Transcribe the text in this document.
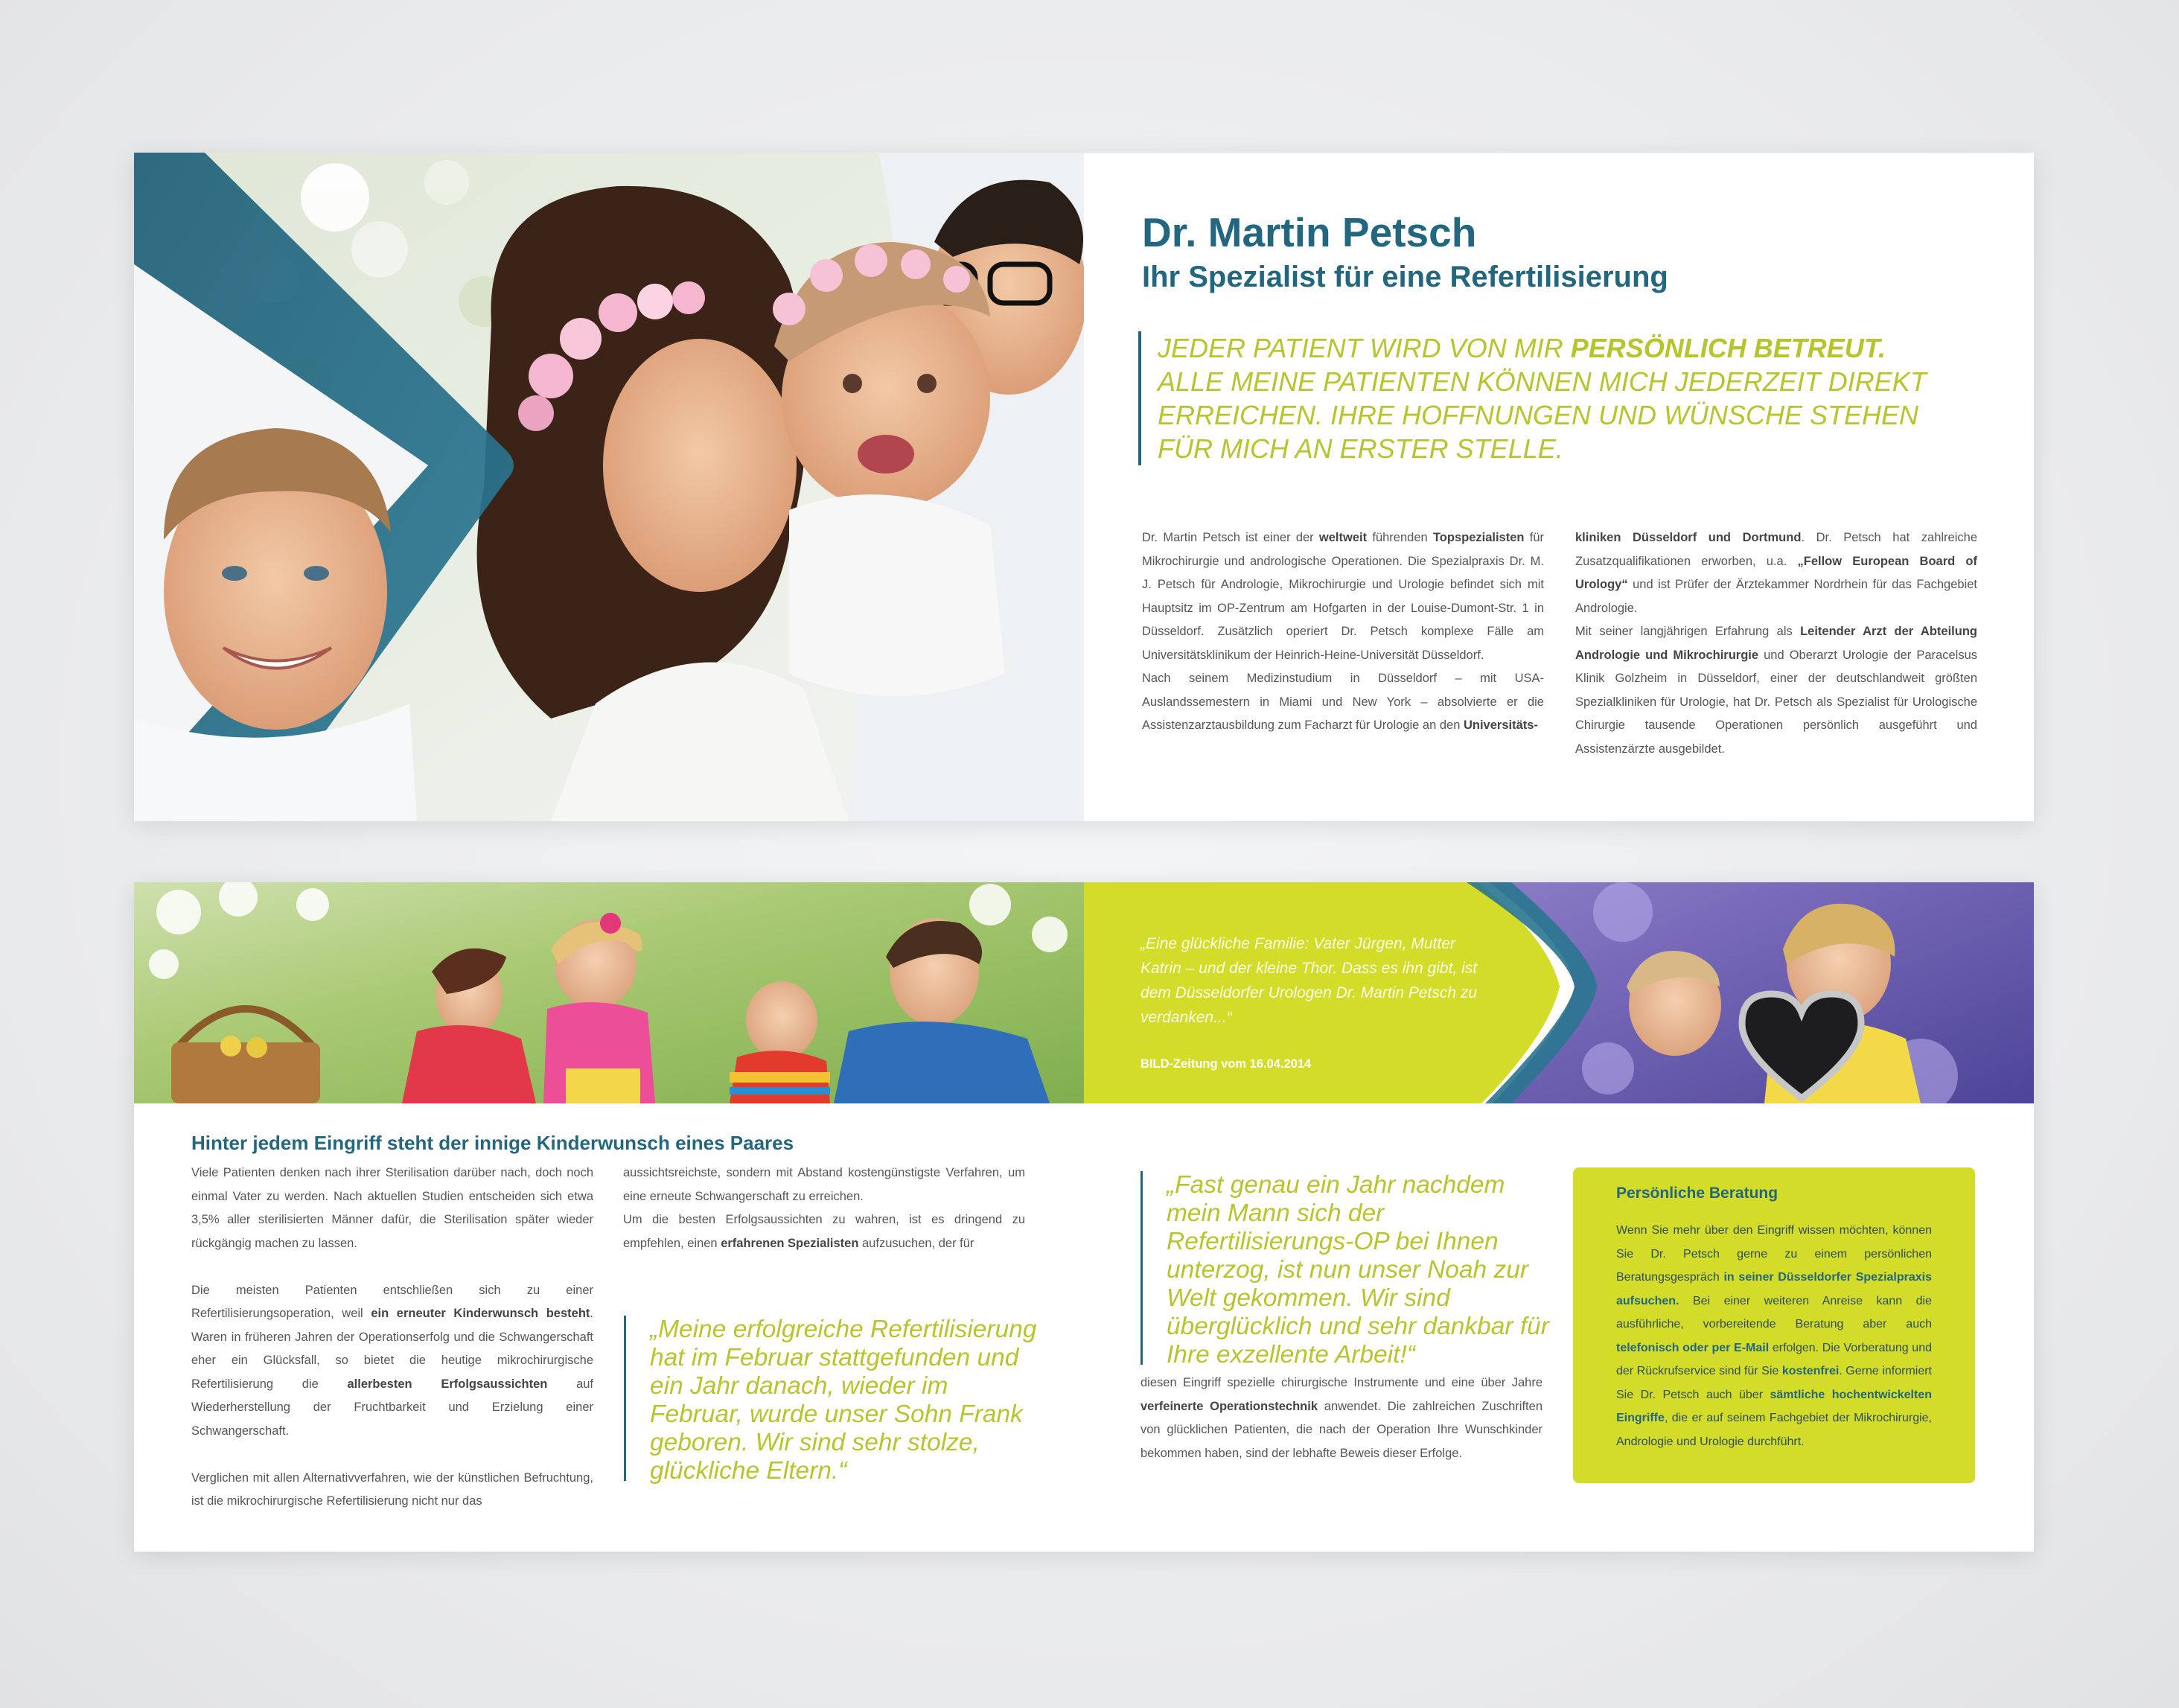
Dr. Martin Petsch
Ihr Spezialist für eine Refertilisierung
JEDER PATIENT WIRD VON MIR PERSÖNLICH BETREUT. ALLE MEINE PATIENTEN KÖNNEN MICH JEDERZEIT DIREKT ERREICHEN. IHRE HOFFNUNGEN UND WÜNSCHE STEHEN FÜR MICH AN ERSTER STELLE.

Dr. Martin Petsch ist einer der weltweit führenden Topspezialisten für Mikrochirurgie und andrologische Operationen. Die Spezialpraxis Dr. M. J. Petsch für Andrologie, Mikrochirurgie und Urologie befindet sich mit Hauptsitz im OP-Zentrum am Hofgarten in der Louise-Dumont-Str. 1 in Düsseldorf. Zusätzlich operiert Dr. Petsch komplexe Fälle am Universitätsklinikum der Heinrich-Heine-Universität Düsseldorf.

Nach seinem Medizinstudium in Düsseldorf – mit USA-Auslandssemestern in Miami und New York – absolvierte er die Assistenzarztausbildung zum Facharzt für Urologie an den Universitäts-

kliniken Düsseldorf und Dortmund. Dr. Petsch hat zahlreiche Zusatzqualifikationen erworben, u.a. „Fellow European Board of Urology“ und ist Prüfer der Ärztekammer Nordrhein für das Fachgebiet Andrologie.

Mit seiner langjährigen Erfahrung als Leitender Arzt der Abteilung Andrologie und Mikrochirurgie und Oberarzt Urologie der Paracelsus Klinik Golzheim in Düsseldorf, einer der deutschlandweit größten Spezialkliniken für Urologie, hat Dr. Petsch als Spezialist für Urologische Chirurgie tausende Operationen persönlich ausgeführt und Assistenzärzte ausgebildet.

„Eine glückliche Familie: Vater Jürgen, Mutter Katrin – und der kleine Thor. Dass es ihn gibt, ist dem Düsseldorfer Urologen Dr. Martin Petsch zu verdanken...“
BILD-Zeitung vom 16.04.2014
Hinter jedem Eingriff steht der innige Kinderwunsch eines Paares

Viele Patienten denken nach ihrer Sterilisation darüber nach, doch noch einmal Vater zu werden. Nach aktuellen Studien entscheiden sich etwa 3,5% aller sterilisierten Männer dafür, die Sterilisation später wieder rückgängig machen zu lassen.

Die meisten Patienten entschließen sich zu einer Refertilisierungsoperation, weil ein erneuter Kinderwunsch besteht. Waren in früheren Jahren der Operationserfolg und die Schwangerschaft eher ein Glücksfall, so bietet die heutige mikrochirurgische Refertilisierung die allerbesten Erfolgsaussichten auf Wiederherstellung der Fruchtbarkeit und Erzielung einer Schwangerschaft.

Verglichen mit allen Alternativverfahren, wie der künstlichen Befruchtung, ist die mikrochirurgische Refertilisierung nicht nur das

aussichtsreichste, sondern mit Abstand kostengünstigste Verfahren, um eine erneute Schwangerschaft zu erreichen.

Um die besten Erfolgsaussichten zu wahren, ist es dringend zu empfehlen, einen erfahrenen Spezialisten aufzusuchen, der für

„Meine erfolgreiche Refertilisierung hat im Februar stattgefunden und ein Jahr danach, wieder im Februar, wurde unser Sohn Frank geboren. Wir sind sehr stolze, glückliche Eltern.“
„Fast genau ein Jahr nachdem mein Mann sich der Refertilisierungs-OP bei Ihnen unterzog, ist nun unser Noah zur Welt gekommen. Wir sind überglücklich und sehr dankbar für Ihre exzellente Arbeit!“

diesen Eingriff spezielle chirurgische Instrumente und eine über Jahre verfeinerte Operationstechnik anwendet. Die zahlreichen Zuschriften von glücklichen Patienten, die nach der Operation Ihre Wunschkinder bekommen haben, sind der lebhafte Beweis dieser Erfolge.

Persönliche Beratung
Wenn Sie mehr über den Eingriff wissen möchten, können Sie Dr. Petsch gerne zu einem persönlichen Beratungsgespräch in seiner Düsseldorfer Spezialpraxis aufsuchen. Bei einer weiteren Anreise kann die ausführliche, vorbereitende Beratung aber auch telefonisch oder per E-Mail erfolgen. Die Vorberatung und der Rückrufservice sind für Sie kostenfrei. Gerne informiert Sie Dr. Petsch auch über sämtliche hochentwickelten Eingriffe, die er auf seinem Fachgebiet der Mikrochirurgie, Andrologie und Urologie durchführt.
